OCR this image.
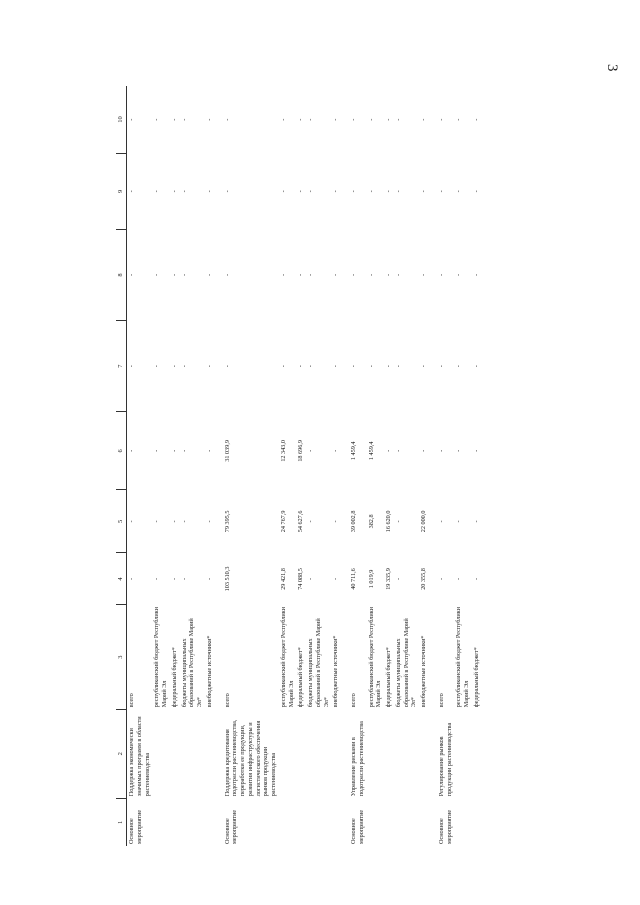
3
1	2	3	4	5	6	7	8	9	10
Основное мероприятие	Поддержка экономически значимых программ в области растениеводства	всего	-	-	-	-	-	-	-
		республиканский бюджет Республики Марий Эл	-	-	-	-	-	-	-
		федеральный бюджет*	-	-	-	-	-	-	-
		бюджеты муниципальных образований в Республике Марий Эл*	-	-	-	-	-	-	-
		внебюджетные источники*	-	-	-	-	-	-	-

Основное мероприятие	Поддержка кредитования подотрасли растениеводства, переработки ее продукции, развития инфраструктуры и логистического обеспечения рынков продукции растениеводства	всего	103 510,3	79 395,5	31 039,9	-	-	-	-
		республиканский бюджет Республики Марий Эл	29 421,8	24 767,9	12 343,0	-	-	-	-
		федеральный бюджет*	74 088,5	54 627,6	18 696,9	-	-	-	-
		бюджеты муниципальных образований в Республике Марий Эл*	-	-	-	-	-	-	-
		внебюджетные источники*	-	-	-	-	-	-	-

Основное мероприятие	Управление рисками в подотрасли растениеводства	всего	40 711,6	39 002,8	1 459,4	-	-	-	-
		республиканский бюджет Республики Марий Эл	1 019,9	382,8	1 459,4	-	-	-	-
		федеральный бюджет*	19 335,9	16 620,0	-	-	-	-	-
		бюджеты муниципальных образований в Республике Марий Эл*	-	-	-	-	-	-	-
		внебюджетные источники*	20 355,8	22 000,0	-	-	-	-	-

Основное мероприятие	Регулирование рынков продукции растениеводства	всего	-	-	-	-	-	-	-
		республиканский бюджет Республики Марий Эл	-	-	-	-	-	-	-
		федеральный бюджет*	-	-	-	-	-	-	-
